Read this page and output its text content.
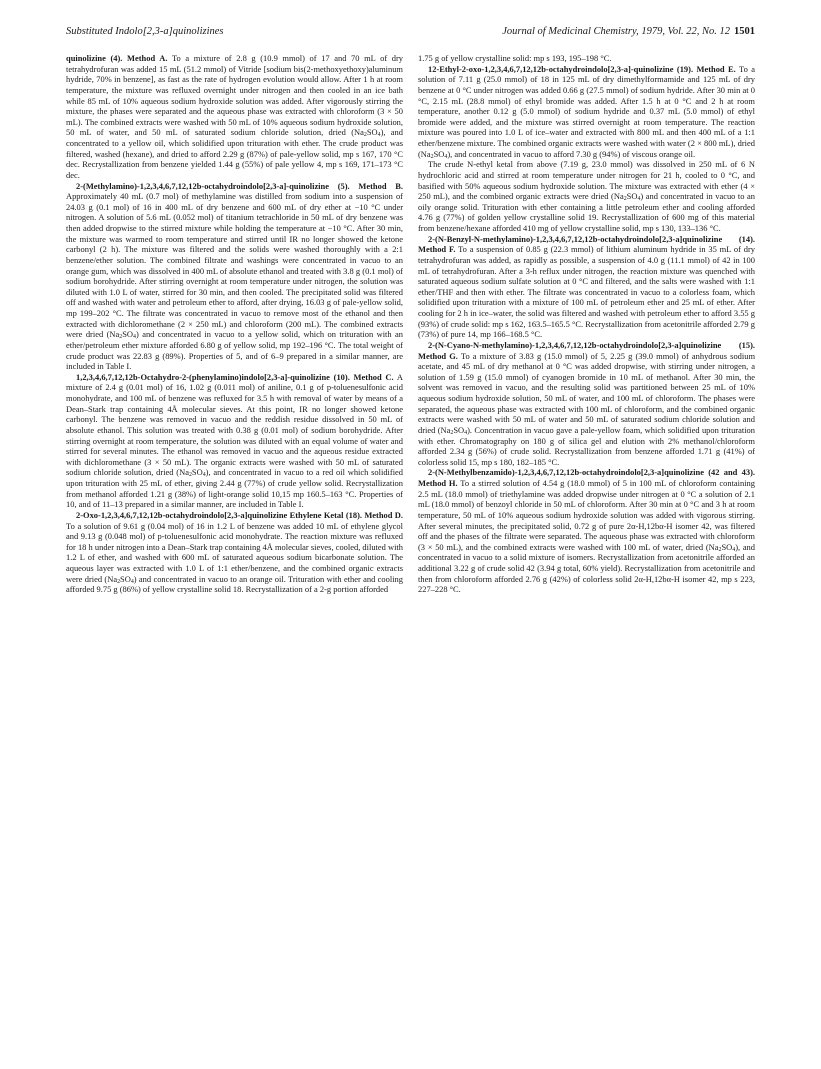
Substituted Indolo[2,3-a]quinolizines	Journal of Medicinal Chemistry, 1979, Vol. 22, No. 12 1501

quinolizine (4). Method A. To a mixture of 2.8 g (10.9 mmol) of 17 and 70 mL of dry tetrahydrofuran was added 15 mL (51.2 mmol) of Vitride [sodium bis(2-methoxyethoxy)aluminum hydride, 70% in benzene], as fast as the rate of hydrogen evolution would allow. After 1 h at room temperature, the mixture was refluxed overnight under nitrogen and then cooled in an ice bath while 85 mL of 10% aqueous sodium hydroxide solution was added. After vigorously stirring the mixture, the phases were separated and the aqueous phase was extracted with chloroform (3 × 50 mL). The combined extracts were washed with 50 mL of 10% aqueous sodium hydroxide solution, 50 mL of water, and 50 mL of saturated sodium chloride solution, dried $(Na_2SO_4)$, and concentrated to a yellow oil, which solidified upon trituration with ether. The crude product was filtered, washed (hexane), and dried to afford 2.29 g (87%) of pale-yellow solid, mp s 167, 170 °C dec. Recrystallization from benzene yielded 1.44 g (55%) of pale yellow 4, mp s 169, 171–173 °C dec.

2-(Methylamino)-1,2,3,4,6,7,12,12b-octahydroindolo[2,3-a]-quinolizine (5). Method B. Approximately 40 mL (0.7 mol) of methylamine was distilled from sodium into a suspension of 24.03 g (0.1 mol) of 16 in 400 mL of dry benzene and 600 mL of dry ether at −10 °C under nitrogen. A solution of 5.6 mL (0.052 mol) of titanium tetrachloride in 50 mL of dry benzene was then added dropwise to the stirred mixture while holding the temperature at −10 °C. After 30 min, the mixture was warmed to room temperature and stirred until IR no longer showed the ketone carbonyl (2 h). The mixture was filtered and the solids were washed thoroughly with a 2:1 benzene/ether solution. The combined filtrate and washings were concentrated in vacuo to an orange gum, which was dissolved in 400 mL of absolute ethanol and treated with 3.8 g (0.1 mol) of sodium borohydride. After stirring overnight at room temperature under nitrogen, the solution was diluted with 1.0 L of water, stirred for 30 min, and then cooled. The precipitated solid was filtered off and washed with water and petroleum ether to afford, after drying, 16.03 g of pale-yellow solid, mp 199–202 °C. The filtrate was concentrated in vacuo to remove most of the ethanol and then extracted with dichloromethane (2 × 250 mL) and chloroform (200 mL). The combined extracts were dried $(Na_2SO_4)$ and concentrated in vacuo to a yellow solid, which on trituration with an ether/petroleum ether mixture afforded 6.80 g of yellow solid, mp 192–196 °C. The total weight of crude product was 22.83 g (89%). Properties of 5, and of 6–9 prepared in a similar manner, are included in Table I.

1,2,3,4,6,7,12,12b-Octahydro-2-(phenylamino)indolo[2,3-a]-quinolizine (10). Method C. A mixture of 2.4 g (0.01 mol) of 16, 1.02 g (0.011 mol) of aniline, 0.1 g of p-toluenesulfonic acid monohydrate, and 100 mL of benzene was refluxed for 3.5 h with removal of water by means of a Dean–Stark trap containing 4Å molecular sieves. At this point, IR no longer showed ketone carbonyl. The benzene was removed in vacuo and the reddish residue dissolved in 50 mL of absolute ethanol. This solution was treated with 0.38 g (0.01 mol) of sodium borohydride. After stirring overnight at room temperature, the solution was diluted with an equal volume of water and stirred for several minutes. The ethanol was removed in vacuo and the aqueous residue extracted with dichloromethane (3 × 50 mL). The organic extracts were washed with 50 mL of saturated sodium chloride solution, dried $(Na_2SO_4)$, and concentrated in vacuo to a red oil which solidified upon trituration with 25 mL of ether, giving 2.44 g (77%) of crude yellow solid. Recrystallization from methanol afforded 1.21 g (38%) of light-orange solid 10,15 mp 160.5–163 °C. Properties of 10, and of 11–13 prepared in a similar manner, are included in Table I.

2-Oxo-1,2,3,4,6,7,12,12b-octahydroindolo[2,3-a]quinolizine Ethylene Ketal (18). Method D. To a solution of 9.61 g (0.04 mol) of 16 in 1.2 L of benzene was added 10 mL of ethylene glycol and 9.13 g (0.048 mol) of p-toluenesulfonic acid monohydrate. The reaction mixture was refluxed for 18 h under nitrogen into a Dean–Stark trap containing 4Å molecular sieves, cooled, diluted with 1.2 L of ether, and washed with 600 mL of saturated aqueous sodium bicarbonate solution. The aqueous layer was extracted with 1.0 L of 1:1 ether/benzene, and the combined organic extracts were dried $(Na_2SO_4)$ and concentrated in vacuo to an orange oil. Trituration with ether and cooling afforded 9.75 g (86%) of yellow crystalline solid 18. Recrystallization of a 2-g portion afforded

1.75 g of yellow crystalline solid: mp s 193, 195–198 °C.

12-Ethyl-2-oxo-1,2,3,4,6,7,12,12b-octahydroindolo[2,3-a]-quinolizine (19). Method E. To a solution of 7.11 g (25.0 mmol) of 18 in 125 mL of dry dimethylformamide and 125 mL of dry benzene at 0 °C under nitrogen was added 0.66 g (27.5 mmol) of sodium hydride. After 30 min at 0 °C, 2.15 mL (28.8 mmol) of ethyl bromide was added. After 1.5 h at 0 °C and 2 h at room temperature, another 0.12 g (5.0 mmol) of sodium hydride and 0.37 mL (5.0 mmol) of ethyl bromide were added, and the mixture was stirred overnight at room temperature. The reaction mixture was poured into 1.0 L of ice–water and extracted with 800 mL and then 400 mL of a 1:1 ether/benzene mixture. The combined organic extracts were washed with water (2 × 800 mL), dried $(Na_2SO_4)$, and concentrated in vacuo to afford 7.30 g (94%) of viscous orange oil.

The crude N-ethyl ketal from above (7.19 g, 23.0 mmol) was dissolved in 250 mL of 6 N hydrochloric acid and stirred at room temperature under nitrogen for 21 h, cooled to 0 °C, and basified with 50% aqueous sodium hydroxide solution. The mixture was extracted with ether (4 × 250 mL), and the combined organic extracts were dried $(Na_2SO_4)$ and concentrated in vacuo to an oily orange solid. Trituration with ether containing a little petroleum ether and cooling afforded 4.76 g (77%) of golden yellow crystalline solid 19. Recrystallization of 600 mg of this material from benzene/hexane afforded 410 mg of yellow crystalline solid, mp s 130, 133–136 °C.

2-(N-Benzyl-N-methylamino)-1,2,3,4,6,7,12,12b-octahydroindolo[2,3-a]quinolizine (14). Method F. To a suspension of 0.85 g (22.3 mmol) of lithium aluminum hydride in 35 mL of dry tetrahydrofuran was added, as rapidly as possible, a suspension of 4.0 g (11.1 mmol) of 42 in 100 mL of tetrahydrofuran. After a 3-h reflux under nitrogen, the reaction mixture was quenched with saturated aqueous sodium sulfate solution at 0 °C and filtered, and the salts were washed with 1:1 ether/THF and then with ether. The filtrate was concentrated in vacuo to a colorless foam, which solidified upon trituration with a mixture of 100 mL of petroleum ether and 25 mL of ether. After cooling for 2 h in ice–water, the solid was filtered and washed with petroleum ether to afford 3.55 g (93%) of crude solid: mp s 162, 163.5–165.5 °C. Recrystallization from acetonitrile afforded 2.79 g (73%) of pure 14, mp 166–168.5 °C.

2-(N-Cyano-N-methylamino)-1,2,3,4,6,7,12,12b-octahydroindolo[2,3-a]quinolizine (15). Method G. To a mixture of 3.83 g (15.0 mmol) of 5, 2.25 g (39.0 mmol) of anhydrous sodium acetate, and 45 mL of dry methanol at 0 °C was added dropwise, with stirring under nitrogen, a solution of 1.59 g (15.0 mmol) of cyanogen bromide in 10 mL of methanol. After 30 min, the solvent was removed in vacuo, and the resulting solid was partitioned between 25 mL of 10% aqueous sodium hydroxide solution, 50 mL of water, and 100 mL of chloroform. The phases were separated, the aqueous phase was extracted with 100 mL of chloroform, and the combined organic extracts were washed with 50 mL of water and 50 mL of saturated sodium chloride solution and dried $(Na_2SO_4)$. Concentration in vacuo gave a pale-yellow foam, which solidified upon trituration with ether. Chromatography on 180 g of silica gel and elution with 2% methanol/chloroform afforded 2.34 g (56%) of crude solid. Recrystallization from benzene afforded 1.71 g (41%) of colorless solid 15, mp s 180, 182–185 °C.

2-(N-Methylbenzamido)-1,2,3,4,6,7,12,12b-octahydroindolo[2,3-a]quinolizine (42 and 43). Method H. To a stirred solution of 4.54 g (18.0 mmol) of 5 in 100 mL of chloroform containing 2.5 mL (18.0 mmol) of triethylamine was added dropwise under nitrogen at 0 °C a solution of 2.1 mL (18.0 mmol) of benzoyl chloride in 50 mL of chloroform. After 30 min at 0 °C and 3 h at room temperature, 50 mL of 10% aqueous sodium hydroxide solution was added with vigorous stirring. After several minutes, the precipitated solid, 0.72 g of pure 2α-H,12bα-H isomer 42, was filtered off and the phases of the filtrate were separated. The aqueous phase was extracted with chloroform (3 × 50 mL), and the combined extracts were washed with 100 mL of water, dried $(Na_2SO_4)$, and concentrated in vacuo to a solid mixture of isomers. Recrystallization from acetonitrile afforded an additional 3.22 g of crude solid 42 (3.94 g total, 60% yield). Recrystallization from acetonitrile and then from chloroform afforded 2.76 g (42%) of colorless solid 2α-H,12bα-H isomer 42, mp s 223, 227–228 °C.
